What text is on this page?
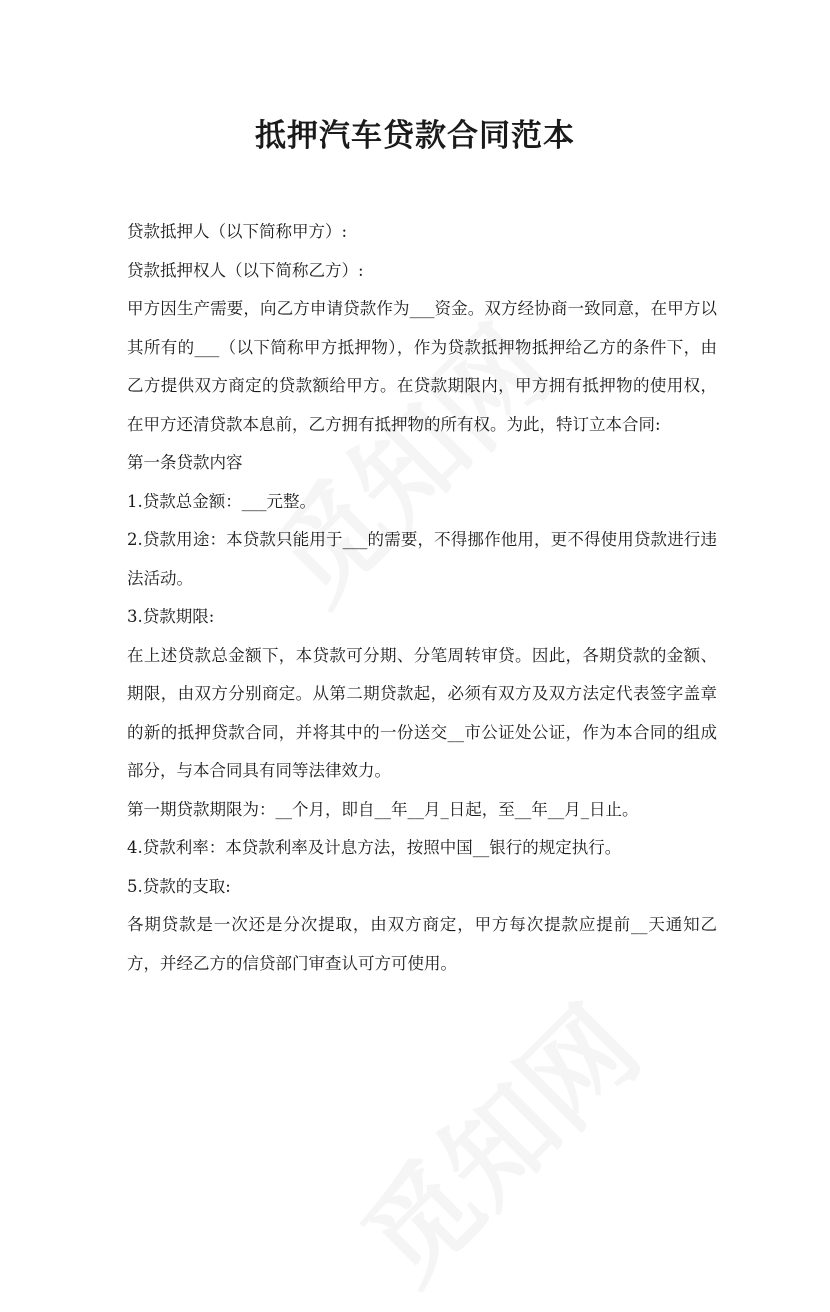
抵押汽车贷款合同范本

贷款抵押人（以下简称甲方）:

贷款抵押权人（以下简称乙方）:

甲方因生产需要，向乙方申请贷款作为___资金。双方经协商一致同意，在甲方以其所有的___（以下简称甲方抵押物），作为贷款抵押物抵押给乙方的条件下，由乙方提供双方商定的贷款额给甲方。在贷款期限内，甲方拥有抵押物的使用权，在甲方还清贷款本息前，乙方拥有抵押物的所有权。为此，特订立本合同:

第一条贷款内容

1.贷款总金额：___元整。

2.贷款用途：本贷款只能用于___的需要，不得挪作他用，更不得使用贷款进行违法活动。

3.贷款期限:

在上述贷款总金额下，本贷款可分期、分笔周转审贷。因此，各期贷款的金额、期限，由双方分别商定。从第二期贷款起，必须有双方及双方法定代表签字盖章的新的抵押贷款合同，并将其中的一份送交__市公证处公证，作为本合同的组成部分，与本合同具有同等法律效力。

第一期贷款期限为：__个月，即自__年__月_日起，至__年__月_日止。

4.贷款利率：本贷款利率及计息方法，按照中国__银行的规定执行。

5.贷款的支取:

各期贷款是一次还是分次提取，由双方商定，甲方每次提款应提前__天通知乙方，并经乙方的信贷部门审查认可方可使用。
